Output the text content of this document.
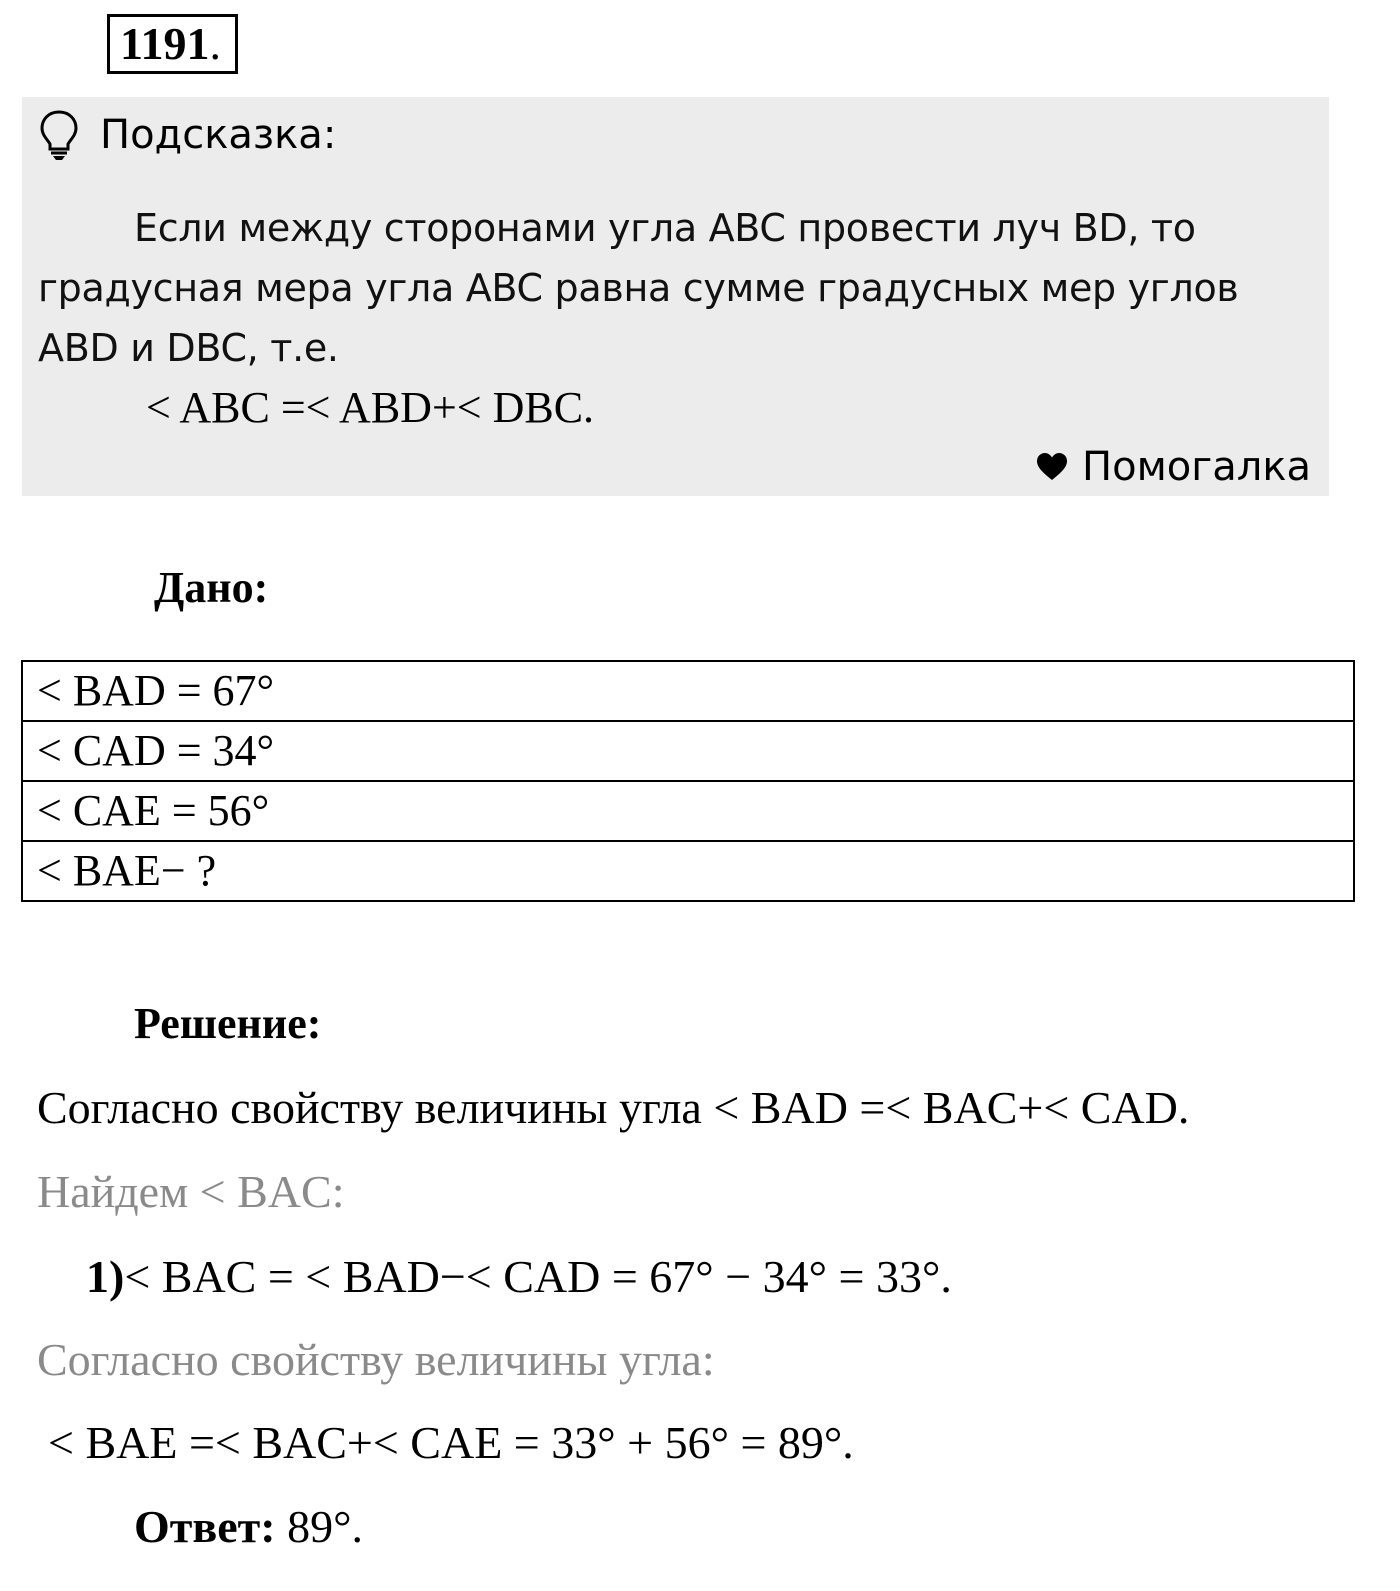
1191.
Подсказка:
Если между сторонами угла ABC провести луч BD, то
градусная мера угла ABC равна сумме градусных мер углов
ABD и DBC, т.е.
< ABC =< ABD+< DBC.
Помогалка
Дано:
< BAD = 67°
< CAD = 34°
< CAE = 56°
< BAE− ?
Решение:
Согласно свойству величины угла < BAD =< BAC+< CAD.
Найдем < BAC:
1)< BAC = < BAD−< CAD = 67° − 34° = 33°.
Согласно свойству величины угла:
< BAE =< BAC+< CAE = 33° + 56° = 89°.
Ответ: 89°.
